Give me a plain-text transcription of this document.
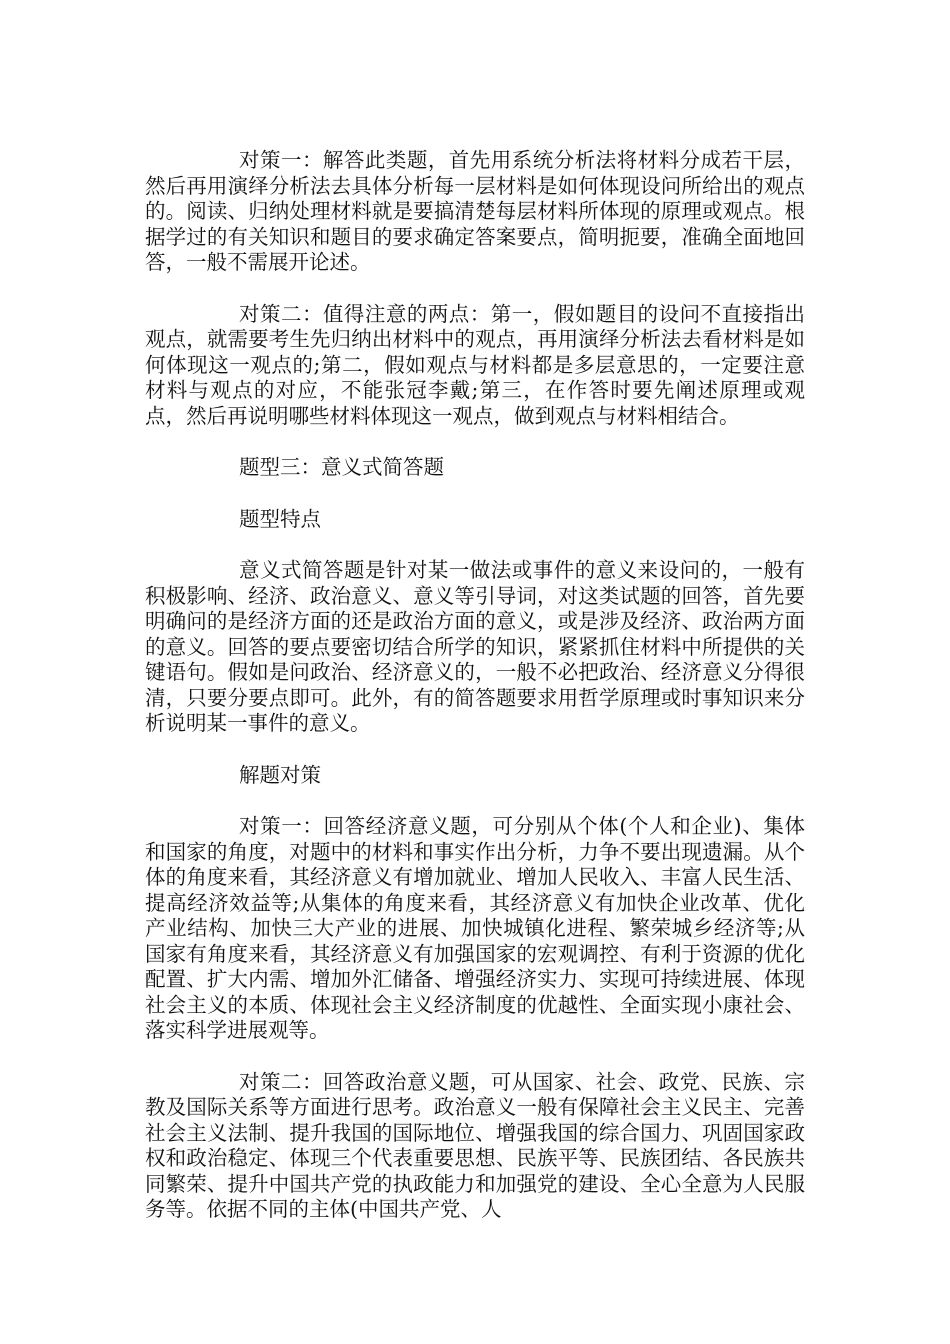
对策一：解答此类题，首先用系统分析法将材料分成若干层，然后再用演绎分析法去具体分析每一层材料是如何体现设问所给出的观点的。阅读、归纳处理材料就是要搞清楚每层材料所体现的原理或观点。根据学过的有关知识和题目的要求确定答案要点，简明扼要，准确全面地回答，一般不需展开论述。

对策二：值得注意的两点：第一，假如题目的设问不直接指出观点，就需要考生先归纳出材料中的观点，再用演绎分析法去看材料是如何体现这一观点的;第二，假如观点与材料都是多层意思的，一定要注意材料与观点的对应，不能张冠李戴;第三，在作答时要先阐述原理或观点，然后再说明哪些材料体现这一观点，做到观点与材料相结合。

题型三：意义式简答题

题型特点

意义式简答题是针对某一做法或事件的意义来设问的，一般有积极影响、经济、政治意义、意义等引导词，对这类试题的回答，首先要明确问的是经济方面的还是政治方面的意义，或是涉及经济、政治两方面的意义。回答的要点要密切结合所学的知识，紧紧抓住材料中所提供的关键语句。假如是问政治、经济意义的，一般不必把政治、经济意义分得很清，只要分要点即可。此外，有的简答题要求用哲学原理或时事知识来分析说明某一事件的意义。

解题对策

对策一：回答经济意义题，可分别从个体(个人和企业)、集体和国家的角度，对题中的材料和事实作出分析，力争不要出现遗漏。从个体的角度来看，其经济意义有增加就业、增加人民收入、丰富人民生活、提高经济效益等;从集体的角度来看，其经济意义有加快企业改革、优化产业结构、加快三大产业的进展、加快城镇化进程、繁荣城乡经济等;从国家有角度来看，其经济意义有加强国家的宏观调控、有利于资源的优化配置、扩大内需、增加外汇储备、增强经济实力、实现可持续进展、体现社会主义的本质、体现社会主义经济制度的优越性、全面实现小康社会、落实科学进展观等。

对策二：回答政治意义题，可从国家、社会、政党、民族、宗教及国际关系等方面进行思考。政治意义一般有保障社会主义民主、完善社会主义法制、提升我国的国际地位、增强我国的综合国力、巩固国家政权和政治稳定、体现三个代表重要思想、民族平等、民族团结、各民族共同繁荣、提升中国共产党的执政能力和加强党的建设、全心全意为人民服务等。依据不同的主体(中国共产党、人
